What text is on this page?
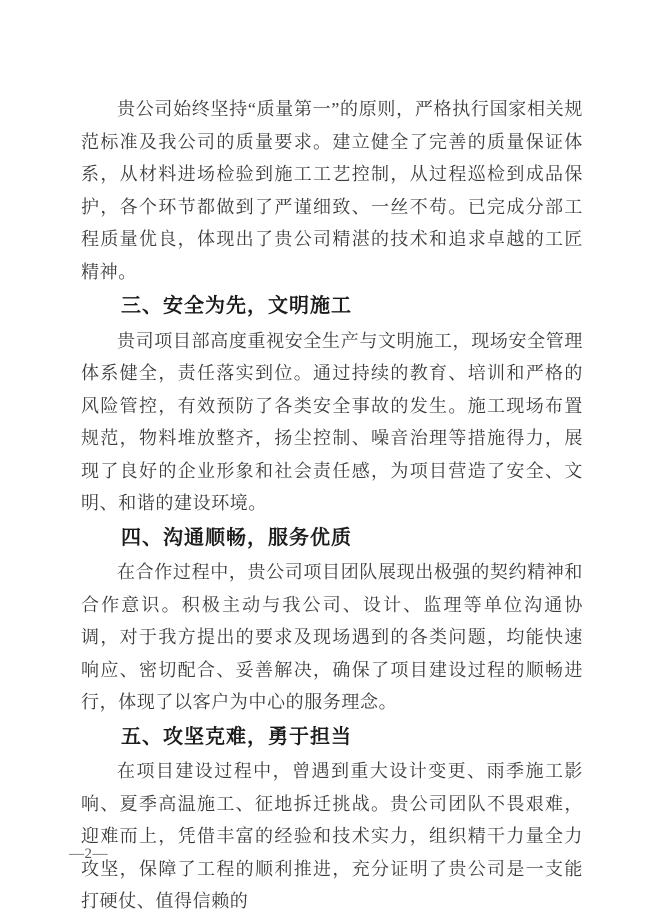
贵公司始终坚持“质量第一”的原则，严格执行国家相关规范标准及我公司的质量要求。建立健全了完善的质量保证体系，从材料进场检验到施工工艺控制，从过程巡检到成品保护，各个环节都做到了严谨细致、一丝不苟。已完成分部工程质量优良，体现出了贵公司精湛的技术和追求卓越的工匠精神。

三、安全为先，文明施工

贵司项目部高度重视安全生产与文明施工，现场安全管理体系健全，责任落实到位。通过持续的教育、培训和严格的风险管控，有效预防了各类安全事故的发生。施工现场布置规范，物料堆放整齐，扬尘控制、噪音治理等措施得力，展现了良好的企业形象和社会责任感，为项目营造了安全、文明、和谐的建设环境。

四、沟通顺畅，服务优质

在合作过程中，贵公司项目团队展现出极强的契约精神和合作意识。积极主动与我公司、设计、监理等单位沟通协调，对于我方提出的要求及现场遇到的各类问题，均能快速响应、密切配合、妥善解决，确保了项目建设过程的顺畅进行，体现了以客户为中心的服务理念。

五、攻坚克难，勇于担当

在项目建设过程中，曾遇到重大设计变更、雨季施工影响、夏季高温施工、征地拆迁挑战。贵公司团队不畏艰难，迎难而上，凭借丰富的经验和技术实力，组织精干力量全力攻坚，保障了工程的顺利推进，充分证明了贵公司是一支能打硬仗、值得信赖的

—2—
